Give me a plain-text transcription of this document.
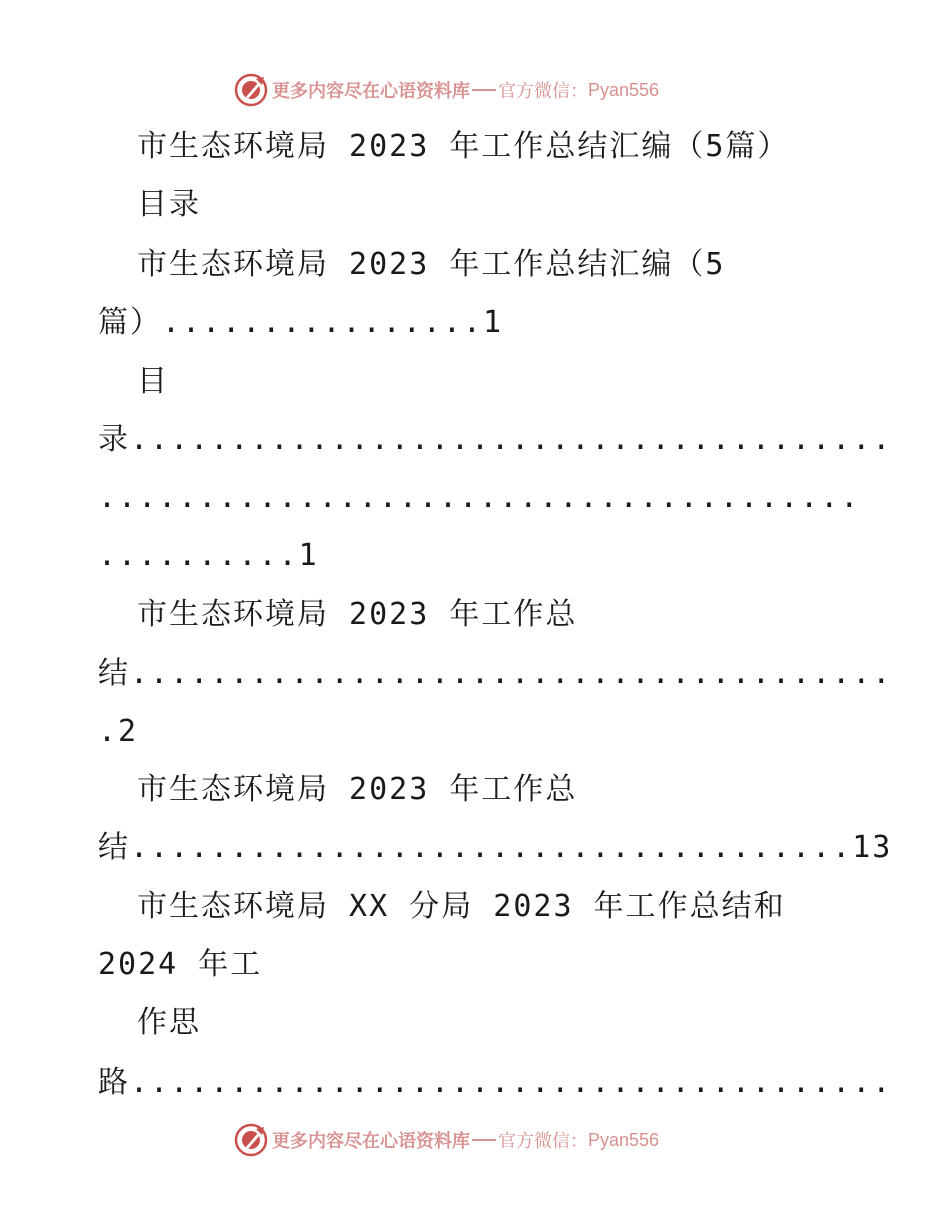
更多内容尽在心语资料库 官方微信： Pyan556
市生态环境局 2023 年工作总结汇编（5篇）
目录
市生态环境局 2023 年工作总结汇编（5
篇）................1
目
录......................................
......................................
..........1
市生态环境局 2023 年工作总
结......................................
.2
市生态环境局 2023 年工作总
结....................................13
市生态环境局 XX 分局 2023 年工作总结和
2024 年工
作思
路......................................
更多内容尽在心语资料库 官方微信： Pyan556
